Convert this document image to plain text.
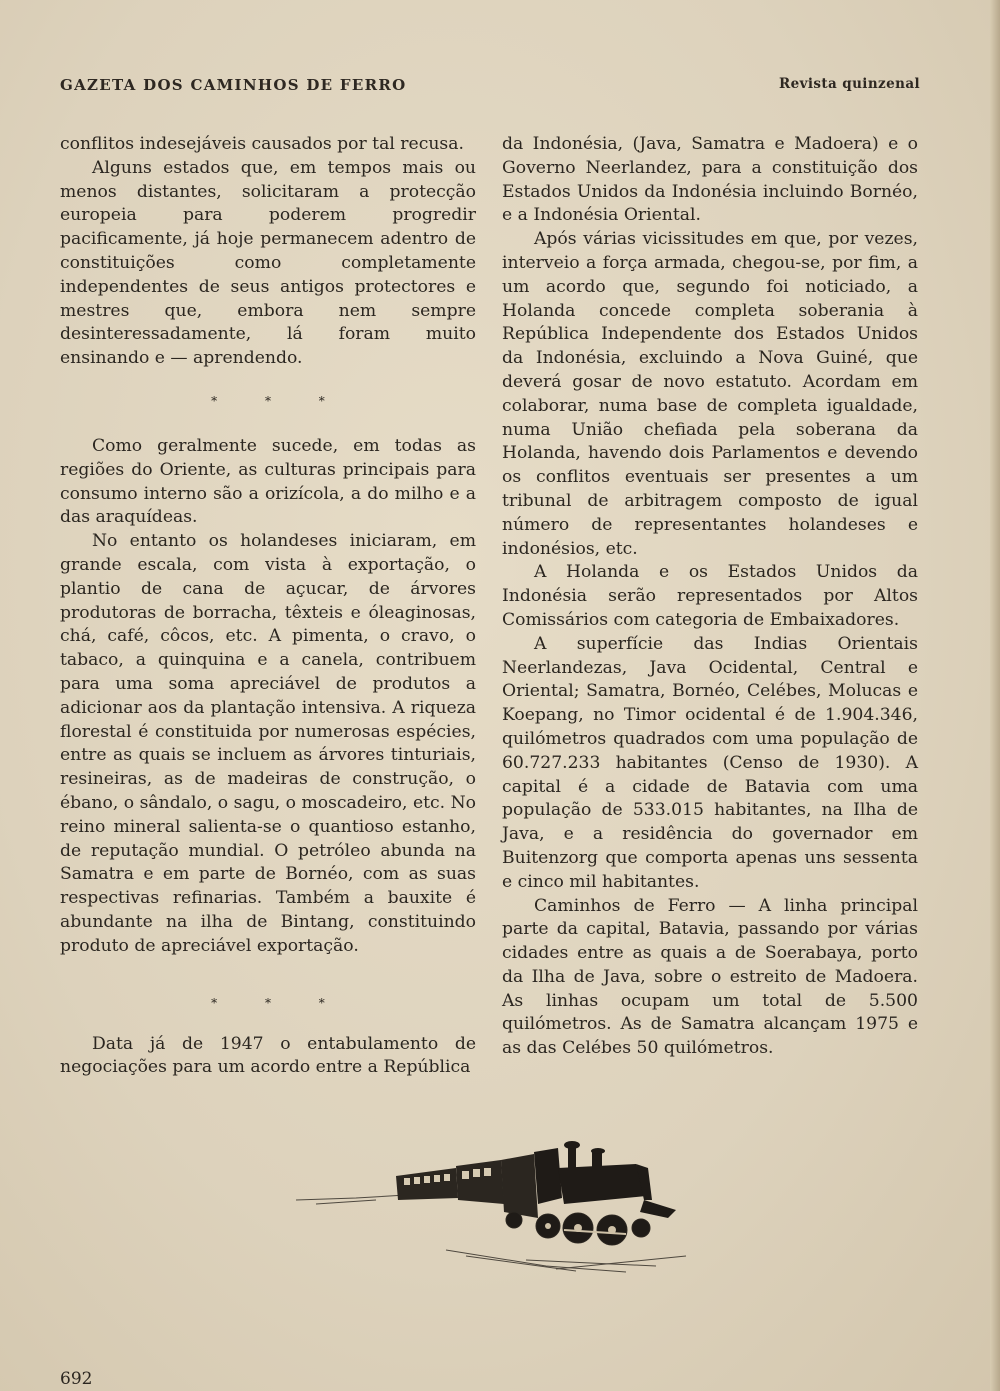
GAZETA DOS CAMINHOS DE FERRO	Revista quinzenal

conflitos indesejáveis causados por tal recusa.

Alguns estados que, em tempos mais ou menos distantes, solicitaram a protecção europeia para poderem progredir pacificamente, já hoje permanecem adentro de constituições como completamente independentes de seus antigos protectores e mestres que, embora nem sempre desinteressadamente, lá foram muito ensinando e — aprendendo.

* * *

Como geralmente sucede, em todas as regiões do Oriente, as culturas principais para consumo interno são a orizícola, a do milho e a das araquídeas.

No entanto os holandeses iniciaram, em grande escala, com vista à exportação, o plantio de cana de açucar, de árvores produtoras de borracha, têxteis e óleaginosas, chá, café, côcos, etc. A pimenta, o cravo, o tabaco, a quinquina e a canela, contribuem para uma soma apreciável de produtos a adicionar aos da plantação intensiva. A riqueza florestal é constituida por numerosas espécies, entre as quais se incluem as árvores tinturiais, resineiras, as de madeiras de construção, o ébano, o sândalo, o sagu, o moscadeiro, etc. No reino mineral salienta-se o quantioso estanho, de reputação mundial. O petróleo abunda na Samatra e em parte de Bornéo, com as suas respectivas refinarias. Também a bauxite é abundante na ilha de Bintang, constituindo produto de apreciável exportação.

* * *

Data já de 1947 o entabulamento de negociações para um acordo entre a República

da Indonésia, (Java, Samatra e Madoera) e o Governo Neerlandez, para a constituição dos Estados Unidos da Indonésia incluindo Bornéo, e a Indonésia Oriental.

Após várias vicissitudes em que, por vezes, interveio a força armada, chegou-se, por fim, a um acordo que, segundo foi noticiado, a Holanda concede completa soberania à República Independente dos Estados Unidos da Indonésia, excluindo a Nova Guiné, que deverá gosar de novo estatuto. Acordam em colaborar, numa base de completa igualdade, numa União chefiada pela soberana da Holanda, havendo dois Parlamentos e devendo os conflitos eventuais ser presentes a um tribunal de arbitragem composto de igual número de representantes holandeses e indonésios, etc.

A Holanda e os Estados Unidos da Indonésia serão representados por Altos Comissários com categoria de Embaixadores.

A superfície das Indias Orientais Neerlandezas, Java Ocidental, Central e Oriental; Samatra, Bornéo, Celébes, Molucas e Koepang, no Timor ocidental é de 1.904.346, quilómetros quadrados com uma população de 60.727.233 habitantes (Censo de 1930). A capital é a cidade de Batavia com uma população de 533.015 habitantes, na Ilha de Java, e a residência do governador em Buitenzorg que comporta apenas uns sessenta e cinco mil habitantes.

Caminhos de Ferro — A linha principal parte da capital, Batavia, passando por várias cidades entre as quais a de Soerabaya, porto da Ilha de Java, sobre o estreito de Madoera. As linhas ocupam um total de 5.500 quilómetros. As de Samatra alcançam 1975 e as das Celébes 50 quilómetros.

692
